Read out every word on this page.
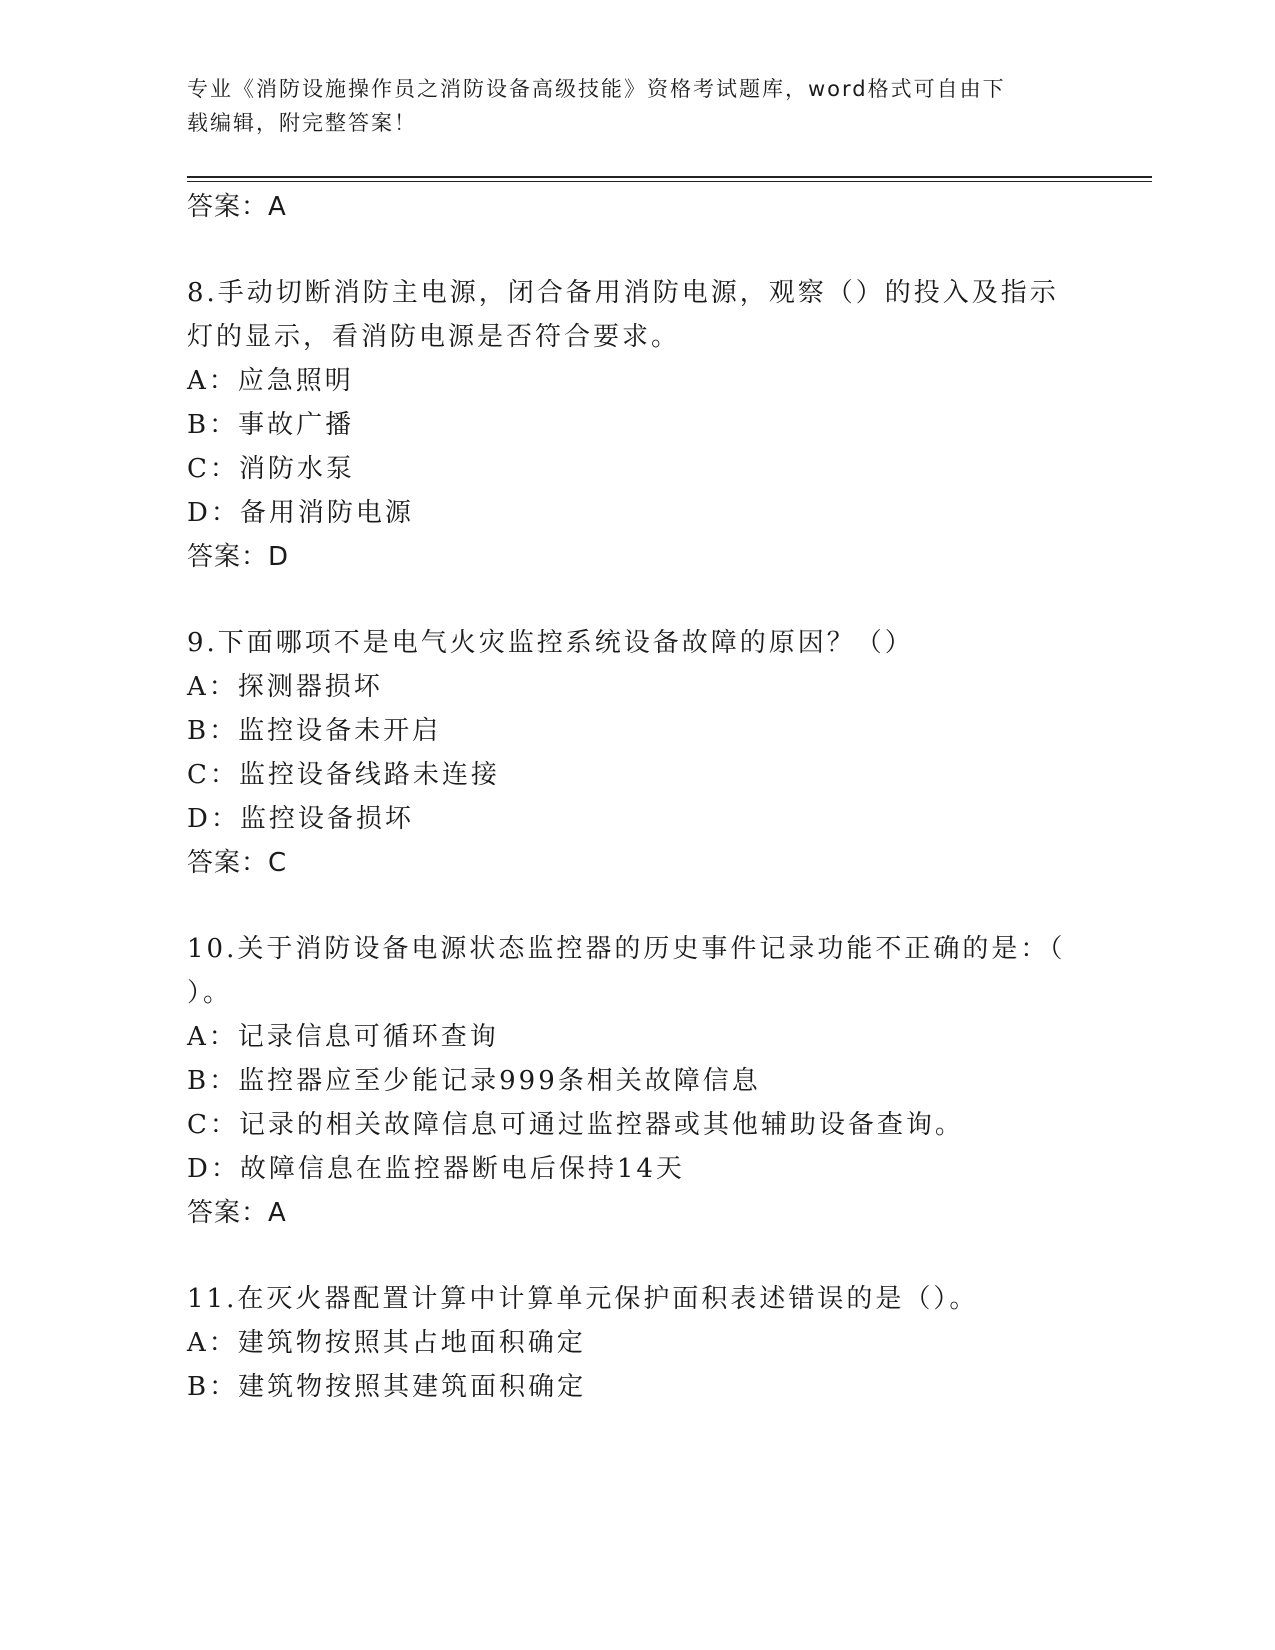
专业《消防设施操作员之消防设备高级技能》资格考试题库，word格式可自由下
载编辑，附完整答案！
答案：A
8.手动切断消防主电源，闭合备用消防电源，观察（）的投入及指示
灯的显示，看消防电源是否符合要求。
A：应急照明
B：事故广播
C：消防水泵
D：备用消防电源
答案：D
9.下面哪项不是电气火灾监控系统设备故障的原因？（）
A：探测器损坏
B：监控设备未开启
C：监控设备线路未连接
D：监控设备损坏
答案：C
10.关于消防设备电源状态监控器的历史事件记录功能不正确的是：（
）。
A：记录信息可循环查询
B：监控器应至少能记录999条相关故障信息
C：记录的相关故障信息可通过监控器或其他辅助设备查询。
D：故障信息在监控器断电后保持14天
答案：A
11.在灭火器配置计算中计算单元保护面积表述错误的是（）。
A：建筑物按照其占地面积确定
B：建筑物按照其建筑面积确定
